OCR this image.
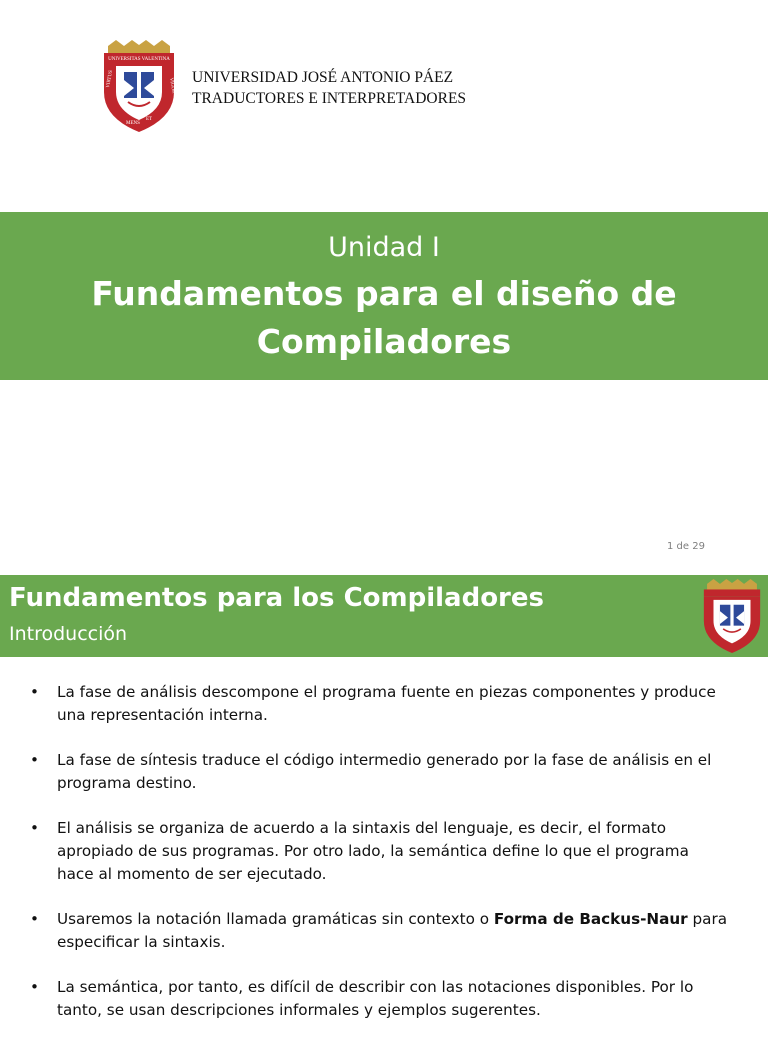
UNIVERSITAS VALENTINA
VIRTUS	VIGOR
MENS
ET
UNIVERSIDAD JOSÉ ANTONIO PÁEZ
TRADUCTORES E INTERPRETADORES
Unidad I
Fundamentos para el diseño de
Compiladores
1 de 29
Fundamentos para los Compiladores
Introducción
• La fase de análisis descompone el programa fuente en piezas componentes y produce una representación interna.
• La fase de síntesis traduce el código intermedio generado por la fase de análisis en el programa destino.
• El análisis se organiza de acuerdo a la sintaxis del lenguaje, es decir, el formato apropiado de sus programas. Por otro lado, la semántica define lo que el programa hace al momento de ser ejecutado.
• Usaremos la notación llamada gramáticas sin contexto o Forma de Backus-Naur para especificar la sintaxis.
• La semántica, por tanto, es difícil de describir con las notaciones disponibles. Por lo tanto, se usan descripciones informales y ejemplos sugerentes.
